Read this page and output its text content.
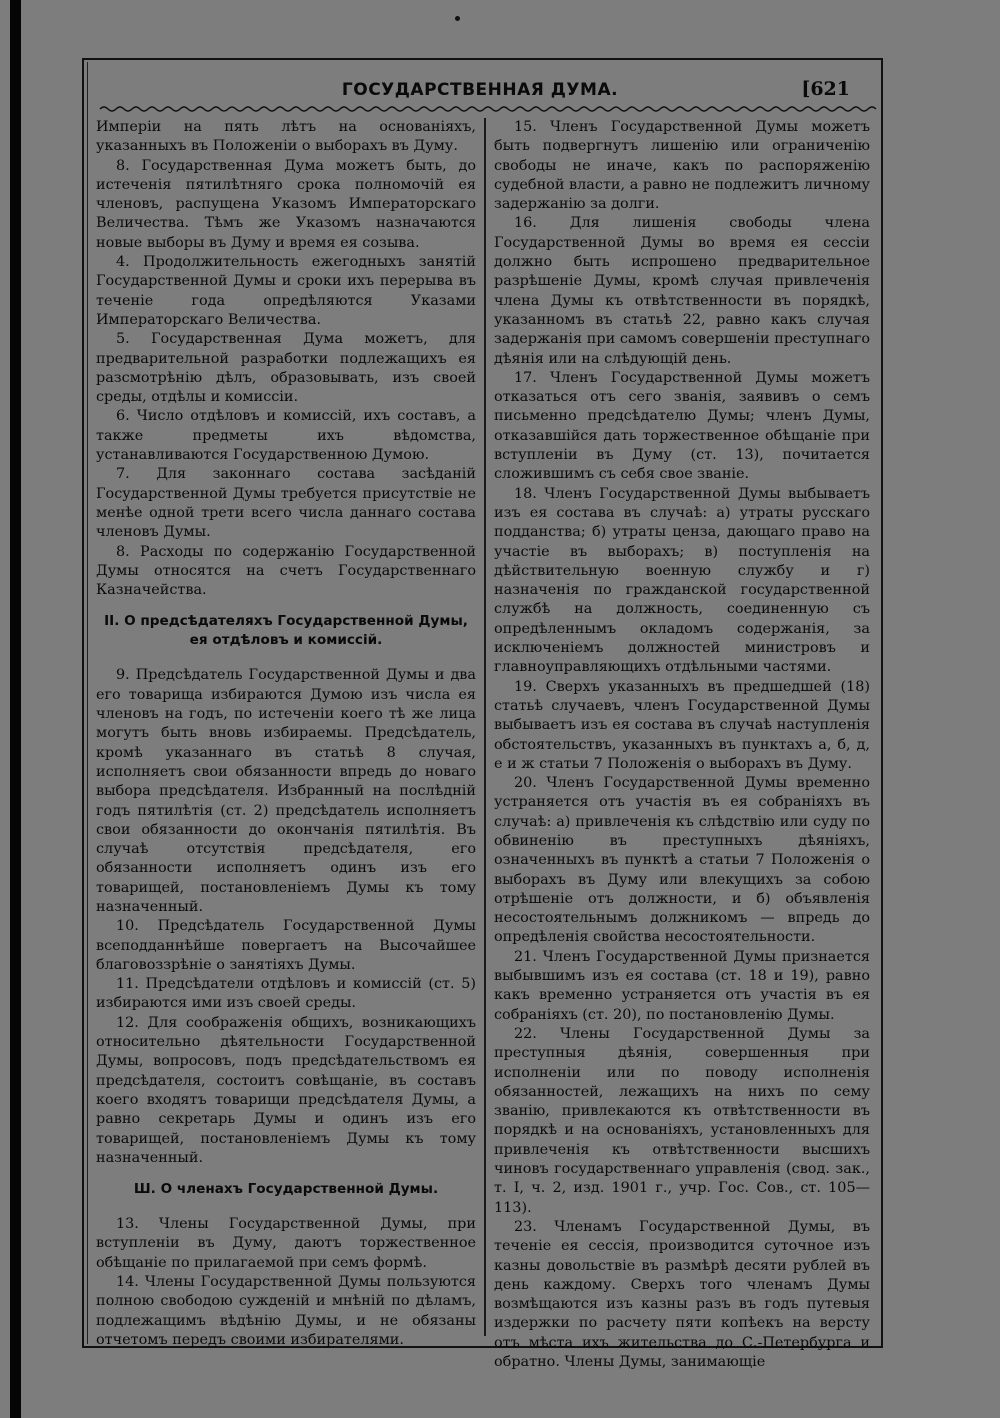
ГОСУДАРСТВЕННАЯ ДУМА.	[621

Имперіи на пять лѣтъ на основаніяхъ, указанныхъ въ Положеніи о выборахъ въ Думу.

8. Государственная Дума можетъ быть, до истеченія пятилѣтняго срока полномочій ея членовъ, распущена Указомъ Императорскаго Величества. Тѣмъ же Указомъ назначаются новые выборы въ Думу и время ея созыва.

4. Продолжительность ежегодныхъ занятій Государственной Думы и сроки ихъ перерыва въ теченіе года опредѣляются Указами Императорскаго Величества.

5. Государственная Дума можетъ, для предварительной разработки подлежащихъ ея разсмотрѣнію дѣлъ, образовывать, изъ своей среды, отдѣлы и комиссіи.

6. Число отдѣловъ и комиссій, ихъ составъ, а также предметы ихъ вѣдомства, устанавливаются Государственною Думою.

7. Для законнаго состава засѣданій Государственной Думы требуется присутствіе не менѣе одной трети всего числа даннаго состава членовъ Думы.

8. Расходы по содержанію Государственной Думы относятся на счетъ Государственнаго Казначейства.

II. О предсѣдателяхъ Государственной Думы, ея отдѣловъ и комиссій.

9. Предсѣдатель Государственной Думы и два его товарища избираются Думою изъ числа ея членовъ на годъ, по истеченіи коего тѣ же лица могутъ быть вновь избираемы. Предсѣдатель, кромѣ указаннаго въ статьѣ 8 случая, исполняетъ свои обязанности впредь до новаго выбора предсѣдателя. Избранный на послѣдній годъ пятилѣтія (ст. 2) предсѣдатель исполняетъ свои обязанности до окончанія пятилѣтія. Въ случаѣ отсутствія предсѣдателя, его обязанности исполняетъ одинъ изъ его товарищей, постановленіемъ Думы къ тому назначенный.

10. Предсѣдатель Государственной Думы всеподданнѣйше повергаетъ на Высочайшее благовоззрѣніе о занятіяхъ Думы.

11. Предсѣдатели отдѣловъ и комиссій (ст. 5) избираются ими изъ своей среды.

12. Для соображенія общихъ, возникающихъ относительно дѣятельности Государственной Думы, вопросовъ, подъ предсѣдательствомъ ея предсѣдателя, состоитъ совѣщаніе, въ составъ коего входятъ товарищи предсѣдателя Думы, а равно секретарь Думы и одинъ изъ его товарищей, постановленіемъ Думы къ тому назначенный.

Ш. О членахъ Государственной Думы.

13. Члены Государственной Думы, при вступленіи въ Думу, даютъ торжественное обѣщаніе по прилагаемой при семъ формѣ.

14. Члены Государственной Думы пользуются полною свободою сужденій и мнѣній по дѣламъ, подлежащимъ вѣдѣнію Думы, и не обязаны отчетомъ передъ своими избирателями.

15. Членъ Государственной Думы можетъ быть подвергнутъ лишенію или ограниченію свободы не иначе, какъ по распоряженію судебной власти, а равно не подлежитъ личному задержанію за долги.

16. Для лишенія свободы члена Государственной Думы во время ея сессіи должно быть испрошено предварительное разрѣшеніе Думы, кромѣ случая привлеченія члена Думы къ отвѣтственности въ порядкѣ, указанномъ въ статьѣ 22, равно какъ случая задержанія при самомъ совершеніи преступнаго дѣянія или на слѣдующій день.

17. Членъ Государственной Думы можетъ отказаться отъ сего званія, заявивъ о семъ письменно предсѣдателю Думы; членъ Думы, отказавшійся дать торжественное обѣщаніе при вступленіи въ Думу (ст. 13), почитается сложившимъ съ себя свое званіе.

18. Членъ Государственной Думы выбываетъ изъ ея состава въ случаѣ: а) утраты русскаго подданства; б) утраты ценза, дающаго право на участіе въ выборахъ; в) поступленія на дѣйствительную военную службу и г) назначенія по гражданской государственной службѣ на должность, соединенную съ опредѣленнымъ окладомъ содержанія, за исключеніемъ должностей министровъ и главноуправляющихъ отдѣльными частями.

19. Сверхъ указанныхъ въ предшедшей (18) статьѣ случаевъ, членъ Государственной Думы выбываетъ изъ ея состава въ случаѣ наступленія обстоятельствъ, указанныхъ въ пунктахъ а, б, д, е и ж статьи 7 Положенія о выборахъ въ Думу.

20. Членъ Государственной Думы временно устраняется отъ участія въ ея собраніяхъ въ случаѣ: а) привлеченія къ слѣдствію или суду по обвиненію въ преступныхъ дѣяніяхъ, означенныхъ въ пунктѣ а статьи 7 Положенія о выборахъ въ Думу или влекущихъ за собою отрѣшеніе отъ должности, и б) объявленія несостоятельнымъ должникомъ — впредь до опредѣленія свойства несостоятельности.

21. Членъ Государственной Думы признается выбывшимъ изъ ея состава (ст. 18 и 19), равно какъ временно устраняется отъ участія въ ея собраніяхъ (ст. 20), по постановленію Думы.

22. Члены Государственной Думы за преступныя дѣянія, совершенныя при исполненіи или по поводу исполненія обязанностей, лежащихъ на нихъ по сему званію, привлекаются къ отвѣтственности въ порядкѣ и на основаніяхъ, установленныхъ для привлеченія къ отвѣтственности высшихъ чиновъ государственнаго управленія (свод. зак., т. I, ч. 2, изд. 1901 г., учр. Гос. Сов., ст. 105—113).

23. Членамъ Государственной Думы, въ теченіе ея сессія, производится суточное изъ казны довольствіе въ размѣрѣ десяти рублей въ день каждому. Сверхъ того членамъ Думы возмѣщаются изъ казны разъ въ годъ путевыя издержки по расчету пяти копѣекъ на версту отъ мѣста ихъ жительства до С.-Петербурга и обратно. Члены Думы, занимающіе
